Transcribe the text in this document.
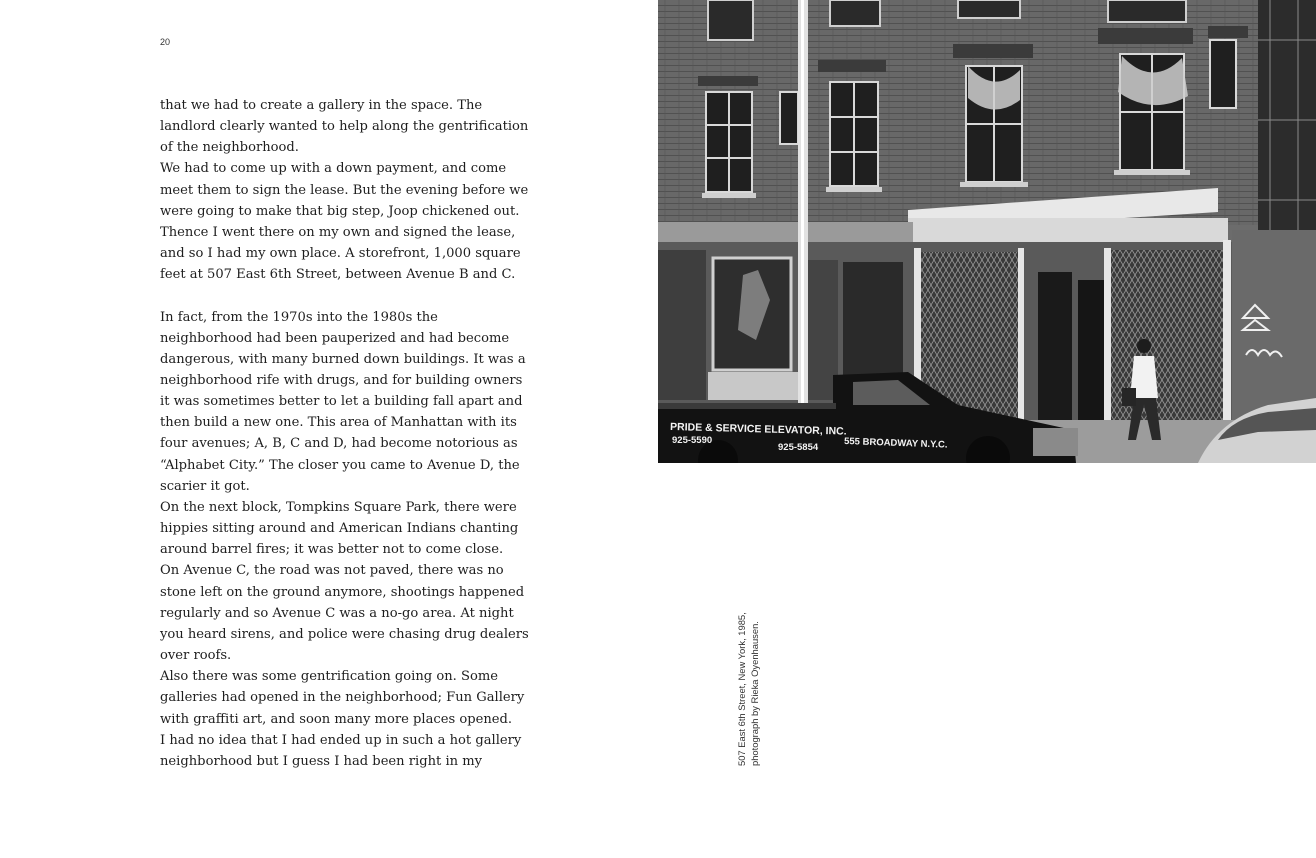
20

that we had to create a gallery in the space. The landlord clearly wanted to help along the gentrification of the neighborhood.

We had to come up with a down payment, and come meet them to sign the lease. But the evening before we were going to make that big step, Joop chickened out. Thence I went there on my own and signed the lease, and so I had my own place. A storefront, 1,000 square feet at 507 East 6th Street, between Avenue B and C.

In fact, from the 1970s into the 1980s the neighborhood had been pauperized and had become dangerous, with many burned down buildings. It was a neighborhood rife with drugs, and for building owners it was sometimes better to let a building fall apart and then build a new one. This area of Manhattan with its four avenues; A, B, C and D, had become notorious as “Alphabet City.” The closer you came to Avenue D, the scarier it got.

On the next block, Tompkins Square Park, there were hippies sitting around and American Indians chanting around barrel fires; it was better not to come close.

On Avenue C, the road was not paved, there was no stone left on the ground anymore, shootings happened regularly and so Avenue C was a no-go area. At night you heard sirens, and police were chasing drug dealers over roofs.

Also there was some gentrification going on. Some galleries had opened in the neighborhood; Fun Gallery with graffiti art, and soon many more places opened.

I had no idea that I had ended up in such a hot gallery neighborhood but I guess I had been right in my

PRIDE & SERVICE ELEVATOR, INC.
925-5590
925-5854	555 BROADWAY N.Y.C.
507 East 6th Street, New York, 1985, photograph by Rieka Oyenhausen.
